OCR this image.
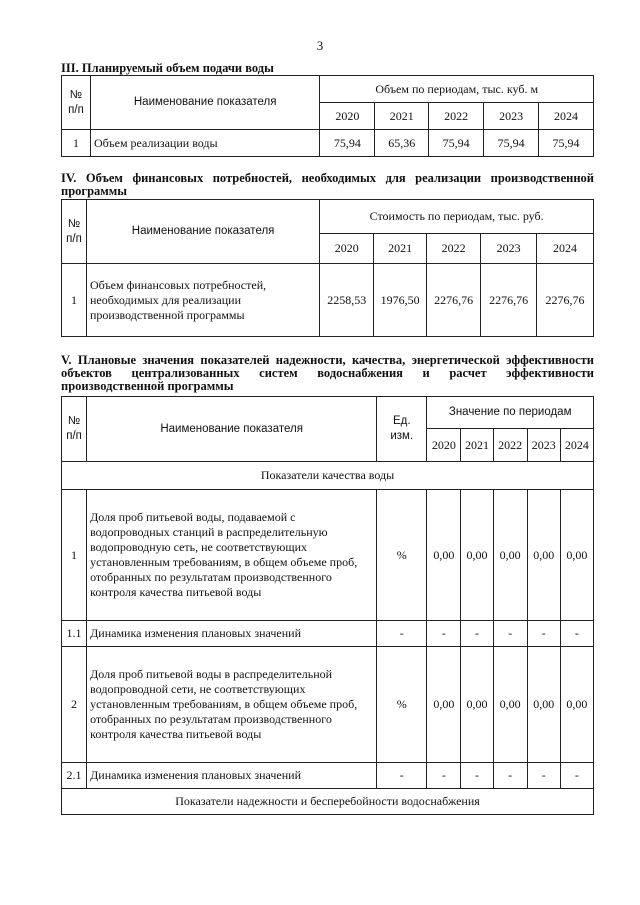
3
III. Планируемый объем подачи воды
№ п/п	Наименование показателя	Объем по периодам, тыс. куб. м				
		2020	2021	2022	2023	2024
1	Объем реализации воды	75,94	65,36	75,94	75,94	75,94
IV. Объем финансовых потребностей, необходимых для реализации производственной программы
№ п/п	Наименование показателя	Стоимость по периодам, тыс. руб.				
		2020	2021	2022	2023	2024
1	Объем финансовых потребностей, необходимых для реализации производственной программы	2258,53	1976,50	2276,76	2276,76	2276,76
V. Плановые значения показателей надежности, качества, энергетической эффективности объектов централизованных систем водоснабжения и расчет эффективности производственной программы
№ п/п	Наименование показателя	Ед. изм.	Значение по периодам				
			2020	2021	2022	2023	2024
Показатели качества воды							
1	Доля проб питьевой воды, подаваемой с водопроводных станций в распределительную водопроводную сеть, не соответствующих установленным требованиям, в общем объеме проб, отобранных по результатам производственного контроля качества питьевой воды	%	0,00	0,00	0,00	0,00	0,00
1.1	Динамика изменения плановых значений	-	-	-	-	-	-
2	Доля проб питьевой воды в распределительной водопроводной сети, не соответствующих установленным требованиям, в общем объеме проб, отобранных по результатам производственного контроля качества питьевой воды	%	0,00	0,00	0,00	0,00	0,00
2.1	Динамика изменения плановых значений	-	-	-	-	-	-
Показатели надежности и бесперебойности водоснабжения							
